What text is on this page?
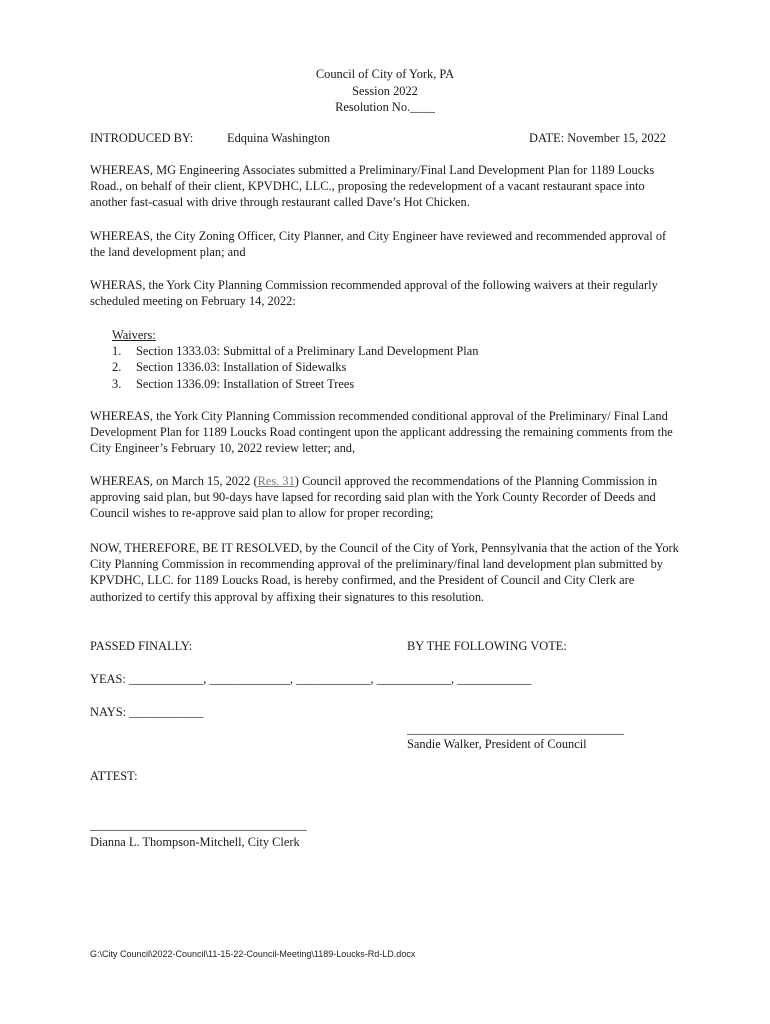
Council of City of York, PA
Session 2022
Resolution No.____
INTRODUCED BY:	Edquina Washington	DATE: November 15, 2022

WHEREAS, MG Engineering Associates submitted a Preliminary/Final Land Development Plan for 1189 Loucks Road., on behalf of their client, KPVDHC, LLC., proposing the redevelopment of a vacant restaurant space into another fast-casual with drive through restaurant called Dave’s Hot Chicken.

WHEREAS, the City Zoning Officer, City Planner, and City Engineer have reviewed and recommended approval of the land development plan; and

WHERAS, the York City Planning Commission recommended approval of the following waivers at their regularly scheduled meeting on February 14, 2022:

Waivers:
1.	Section 1333.03: Submittal of a Preliminary Land Development Plan
2.	Section 1336.03: Installation of Sidewalks
3.	Section 1336.09: Installation of Street Trees

WHEREAS, the York City Planning Commission recommended conditional approval of the Preliminary/ Final Land Development Plan for 1189 Loucks Road contingent upon the applicant addressing the remaining comments from the City Engineer’s February 10, 2022 review letter; and,

WHEREAS, on March 15, 2022 (Res. 31) Council approved the recommendations of the Planning Commission in approving said plan, but 90-days have lapsed for recording said plan with the York County Recorder of Deeds and Council wishes to re-approve said plan to allow for proper recording;

NOW, THEREFORE, BE IT RESOLVED, by the Council of the City of York, Pennsylvania that the action of the York City Planning Commission in recommending approval of the preliminary/final land development plan submitted by KPVDHC, LLC. for 1189 Loucks Road, is hereby confirmed, and the President of Council and City Clerk are authorized to certify this approval by affixing their signatures to this resolution.

PASSED FINALLY:	BY THE FOLLOWING VOTE:
YEAS: ____________, _____________, ____________, ____________, ____________
NAYS: ____________
___________________________________
Sandie Walker, President of Council
ATTEST:
___________________________________
Dianna L. Thompson-Mitchell, City Clerk
G:\City Council\2022-Council\11-15-22-Council-Meeting\1189-Loucks-Rd-LD.docx
